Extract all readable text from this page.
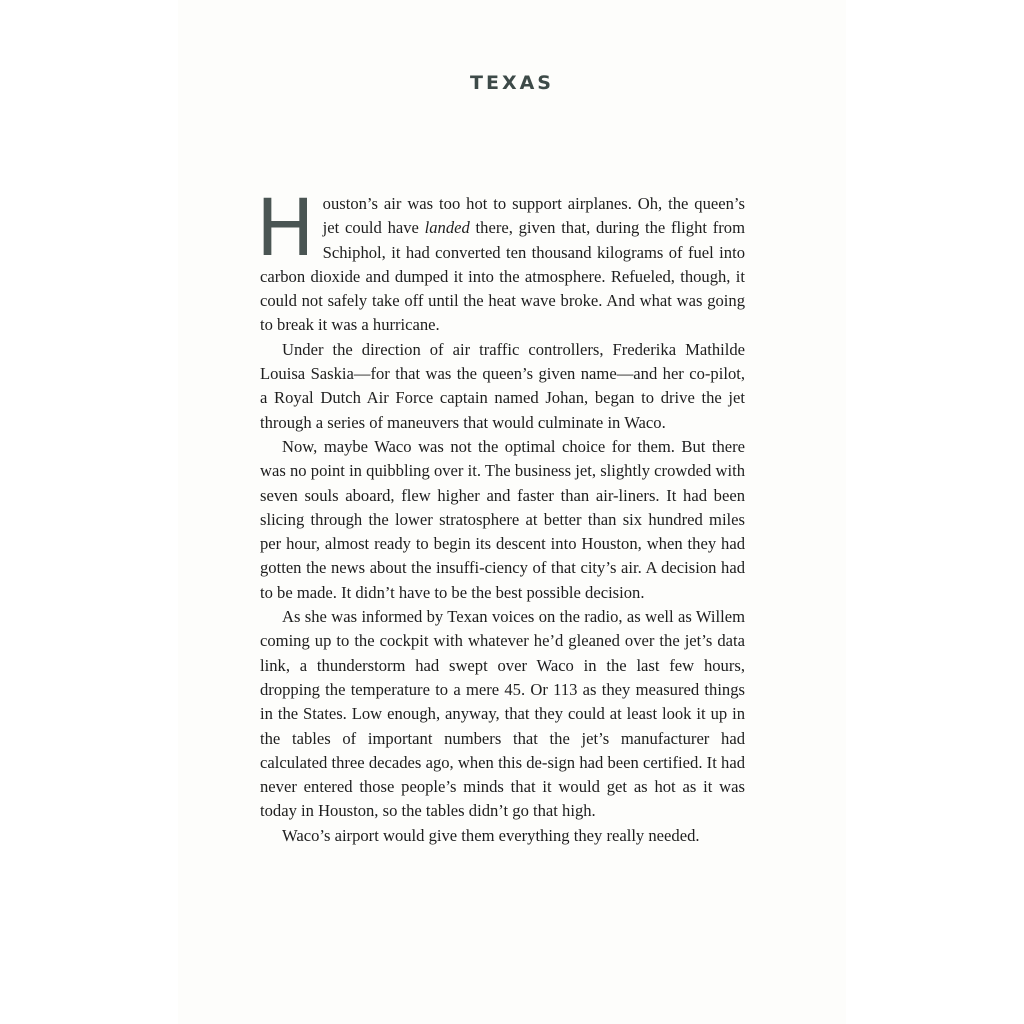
TEXAS

Houston’s air was too hot to support airplanes. Oh, the queen’s jet could have landed there, given that, during the flight from Schiphol, it had converted ten thousand kilograms of fuel into carbon dioxide and dumped it into the atmosphere. Refueled, though, it could not safely take off until the heat wave broke. And what was going to break it was a hurricane.

Under the direction of air traffic controllers, Frederika Mathilde Louisa Saskia—for that was the queen’s given name—and her co-pilot, a Royal Dutch Air Force captain named Johan, began to drive the jet through a series of maneuvers that would culminate in Waco.

Now, maybe Waco was not the optimal choice for them. But there was no point in quibbling over it. The business jet, slightly crowded with seven souls aboard, flew higher and faster than air-liners. It had been slicing through the lower stratosphere at better than six hundred miles per hour, almost ready to begin its descent into Houston, when they had gotten the news about the insuffi-ciency of that city’s air. A decision had to be made. It didn’t have to be the best possible decision.

As she was informed by Texan voices on the radio, as well as Willem coming up to the cockpit with whatever he’d gleaned over the jet’s data link, a thunderstorm had swept over Waco in the last few hours, dropping the temperature to a mere 45. Or 113 as they measured things in the States. Low enough, anyway, that they could at least look it up in the tables of important numbers that the jet’s manufacturer had calculated three decades ago, when this de-sign had been certified. It had never entered those people’s minds that it would get as hot as it was today in Houston, so the tables didn’t go that high.

Waco’s airport would give them everything they really needed.
